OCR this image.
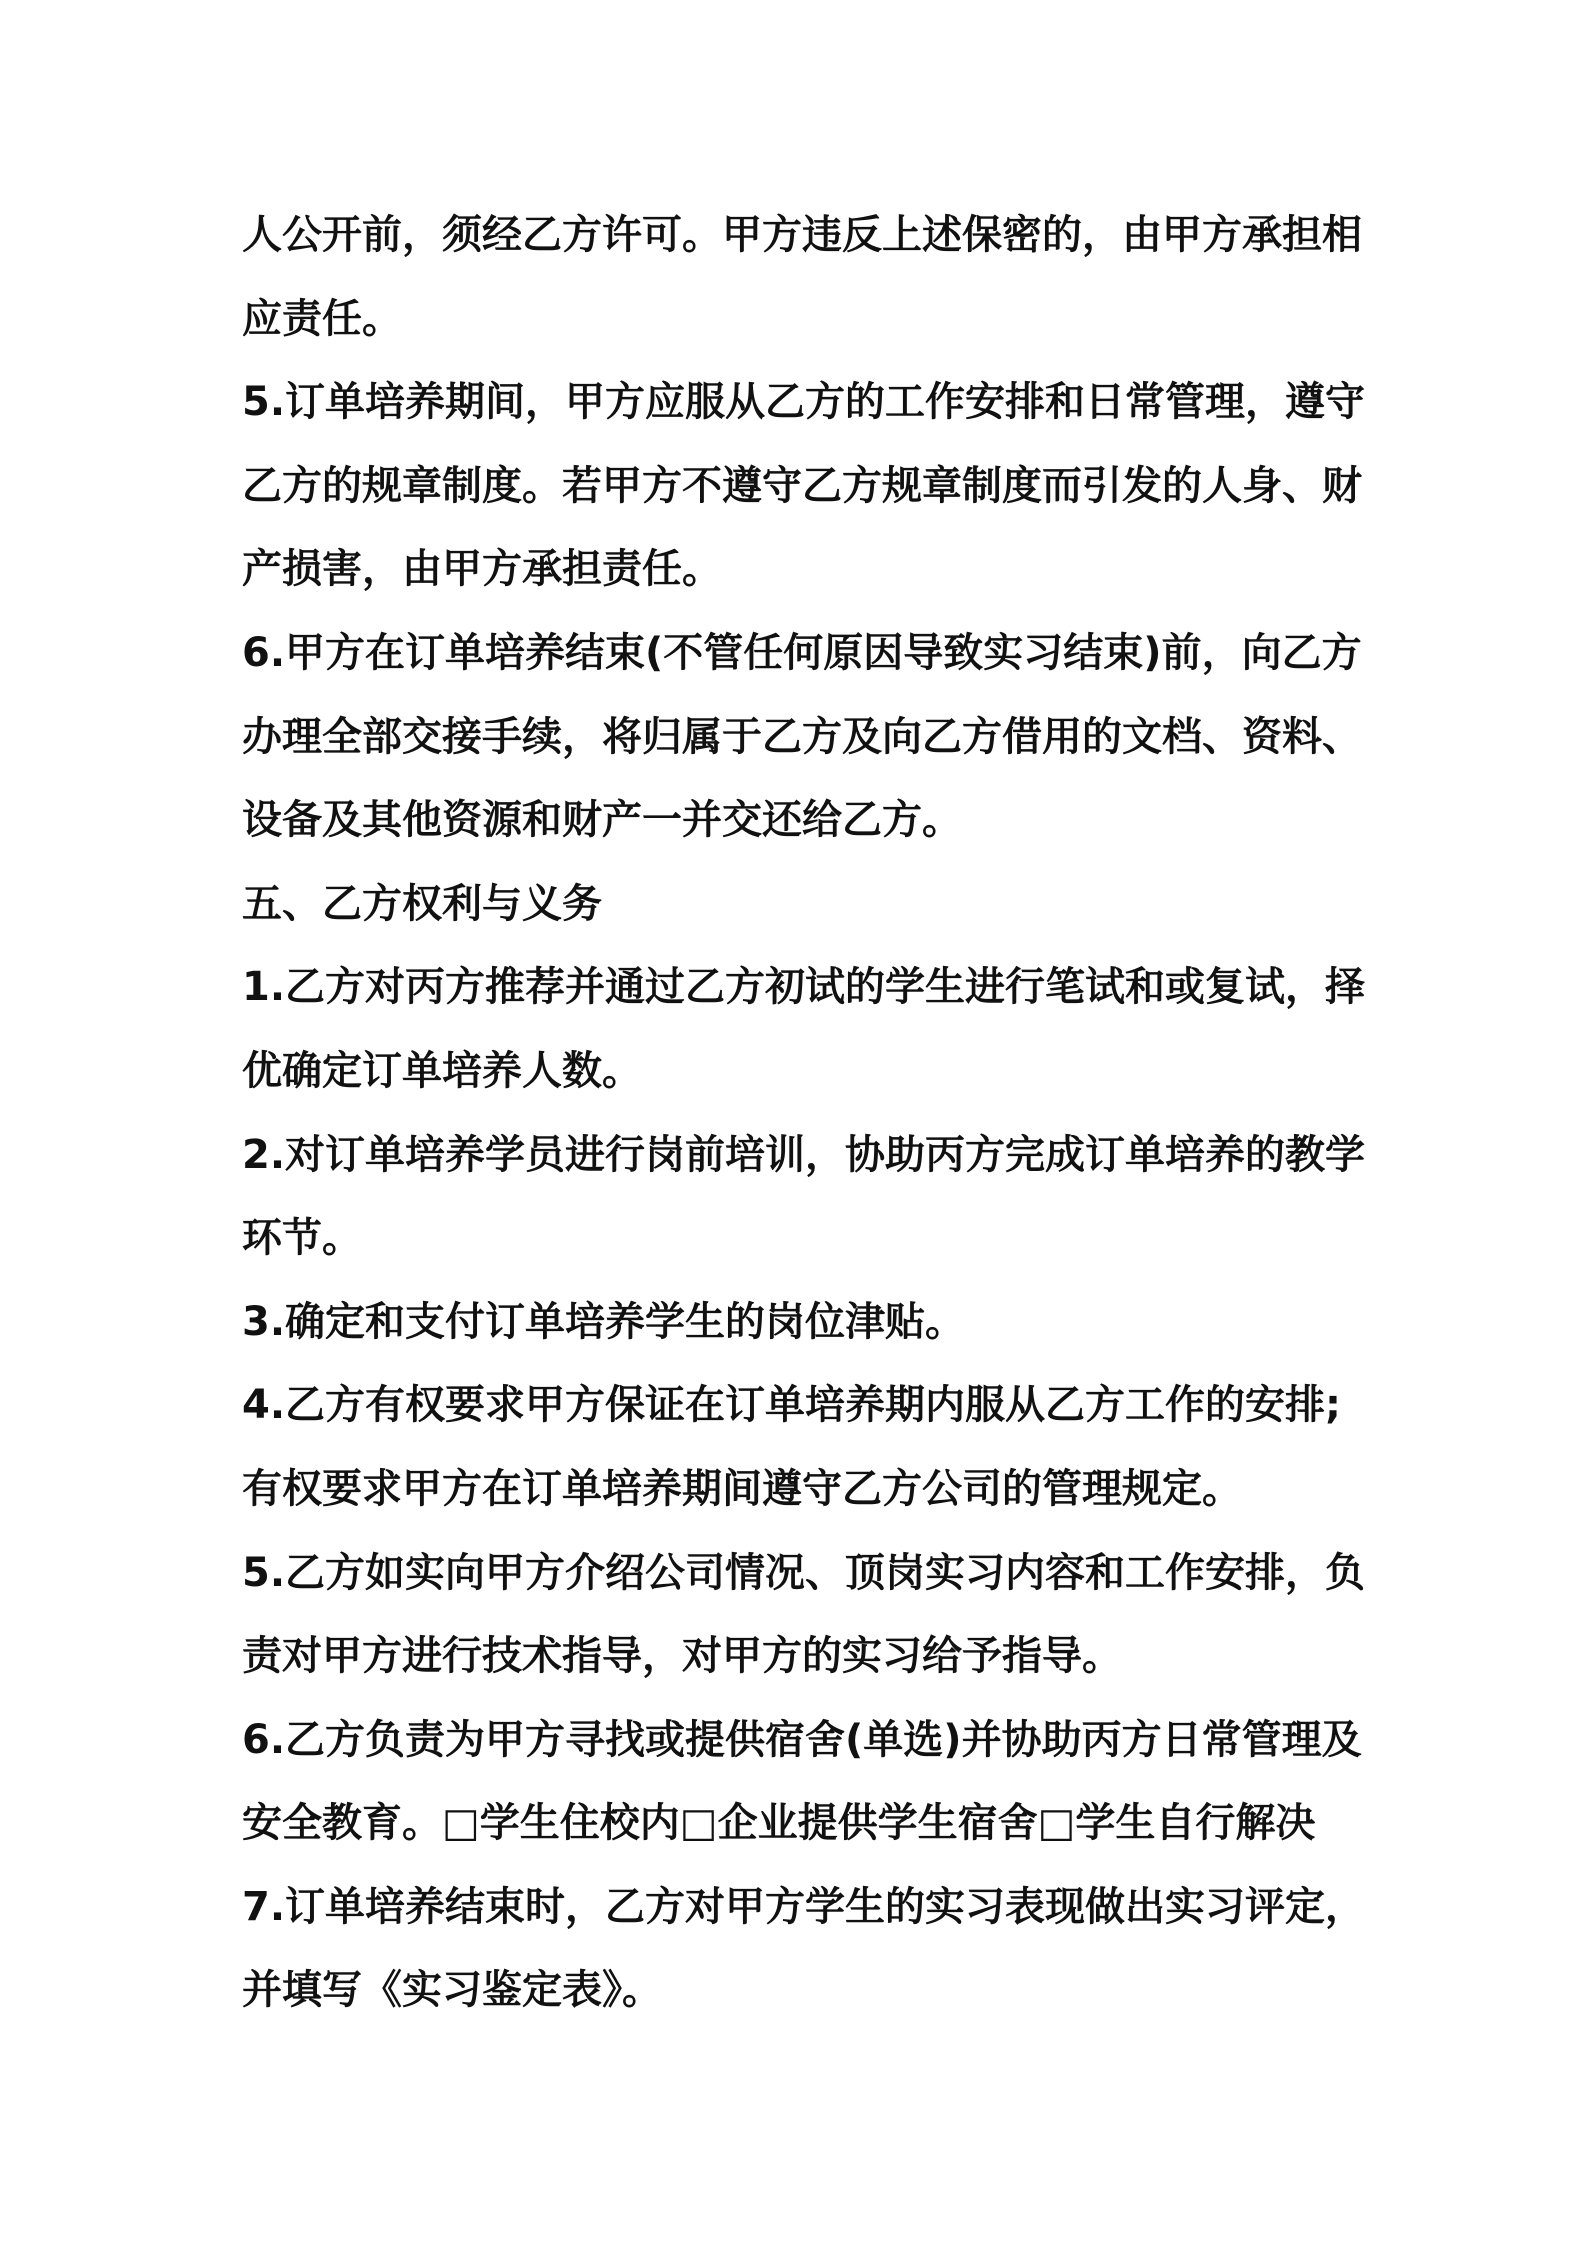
人公开前，须经乙方许可。甲方违反上述保密的，由甲方承担相
应责任。
5.订单培养期间，甲方应服从乙方的工作安排和日常管理，遵守
乙方的规章制度。若甲方不遵守乙方规章制度而引发的人身、财
产损害，由甲方承担责任。
6.甲方在订单培养结束(不管任何原因导致实习结束)前，向乙方
办理全部交接手续，将归属于乙方及向乙方借用的文档、资料、
设备及其他资源和财产一并交还给乙方。
五、乙方权利与义务
1.乙方对丙方推荐并通过乙方初试的学生进行笔试和或复试，择
优确定订单培养人数。
2.对订单培养学员进行岗前培训，协助丙方完成订单培养的教学
环节。
3.确定和支付订单培养学生的岗位津贴。
4.乙方有权要求甲方保证在订单培养期内服从乙方工作的安排;
有权要求甲方在订单培养期间遵守乙方公司的管理规定。
5.乙方如实向甲方介绍公司情况、顶岗实习内容和工作安排，负
责对甲方进行技术指导，对甲方的实习给予指导。
6.乙方负责为甲方寻找或提供宿舍(单选)并协助丙方日常管理及
安全教育。□学生住校内□企业提供学生宿舍□学生自行解决
7.订单培养结束时，乙方对甲方学生的实习表现做出实习评定，
并填写《实习鉴定表》。
